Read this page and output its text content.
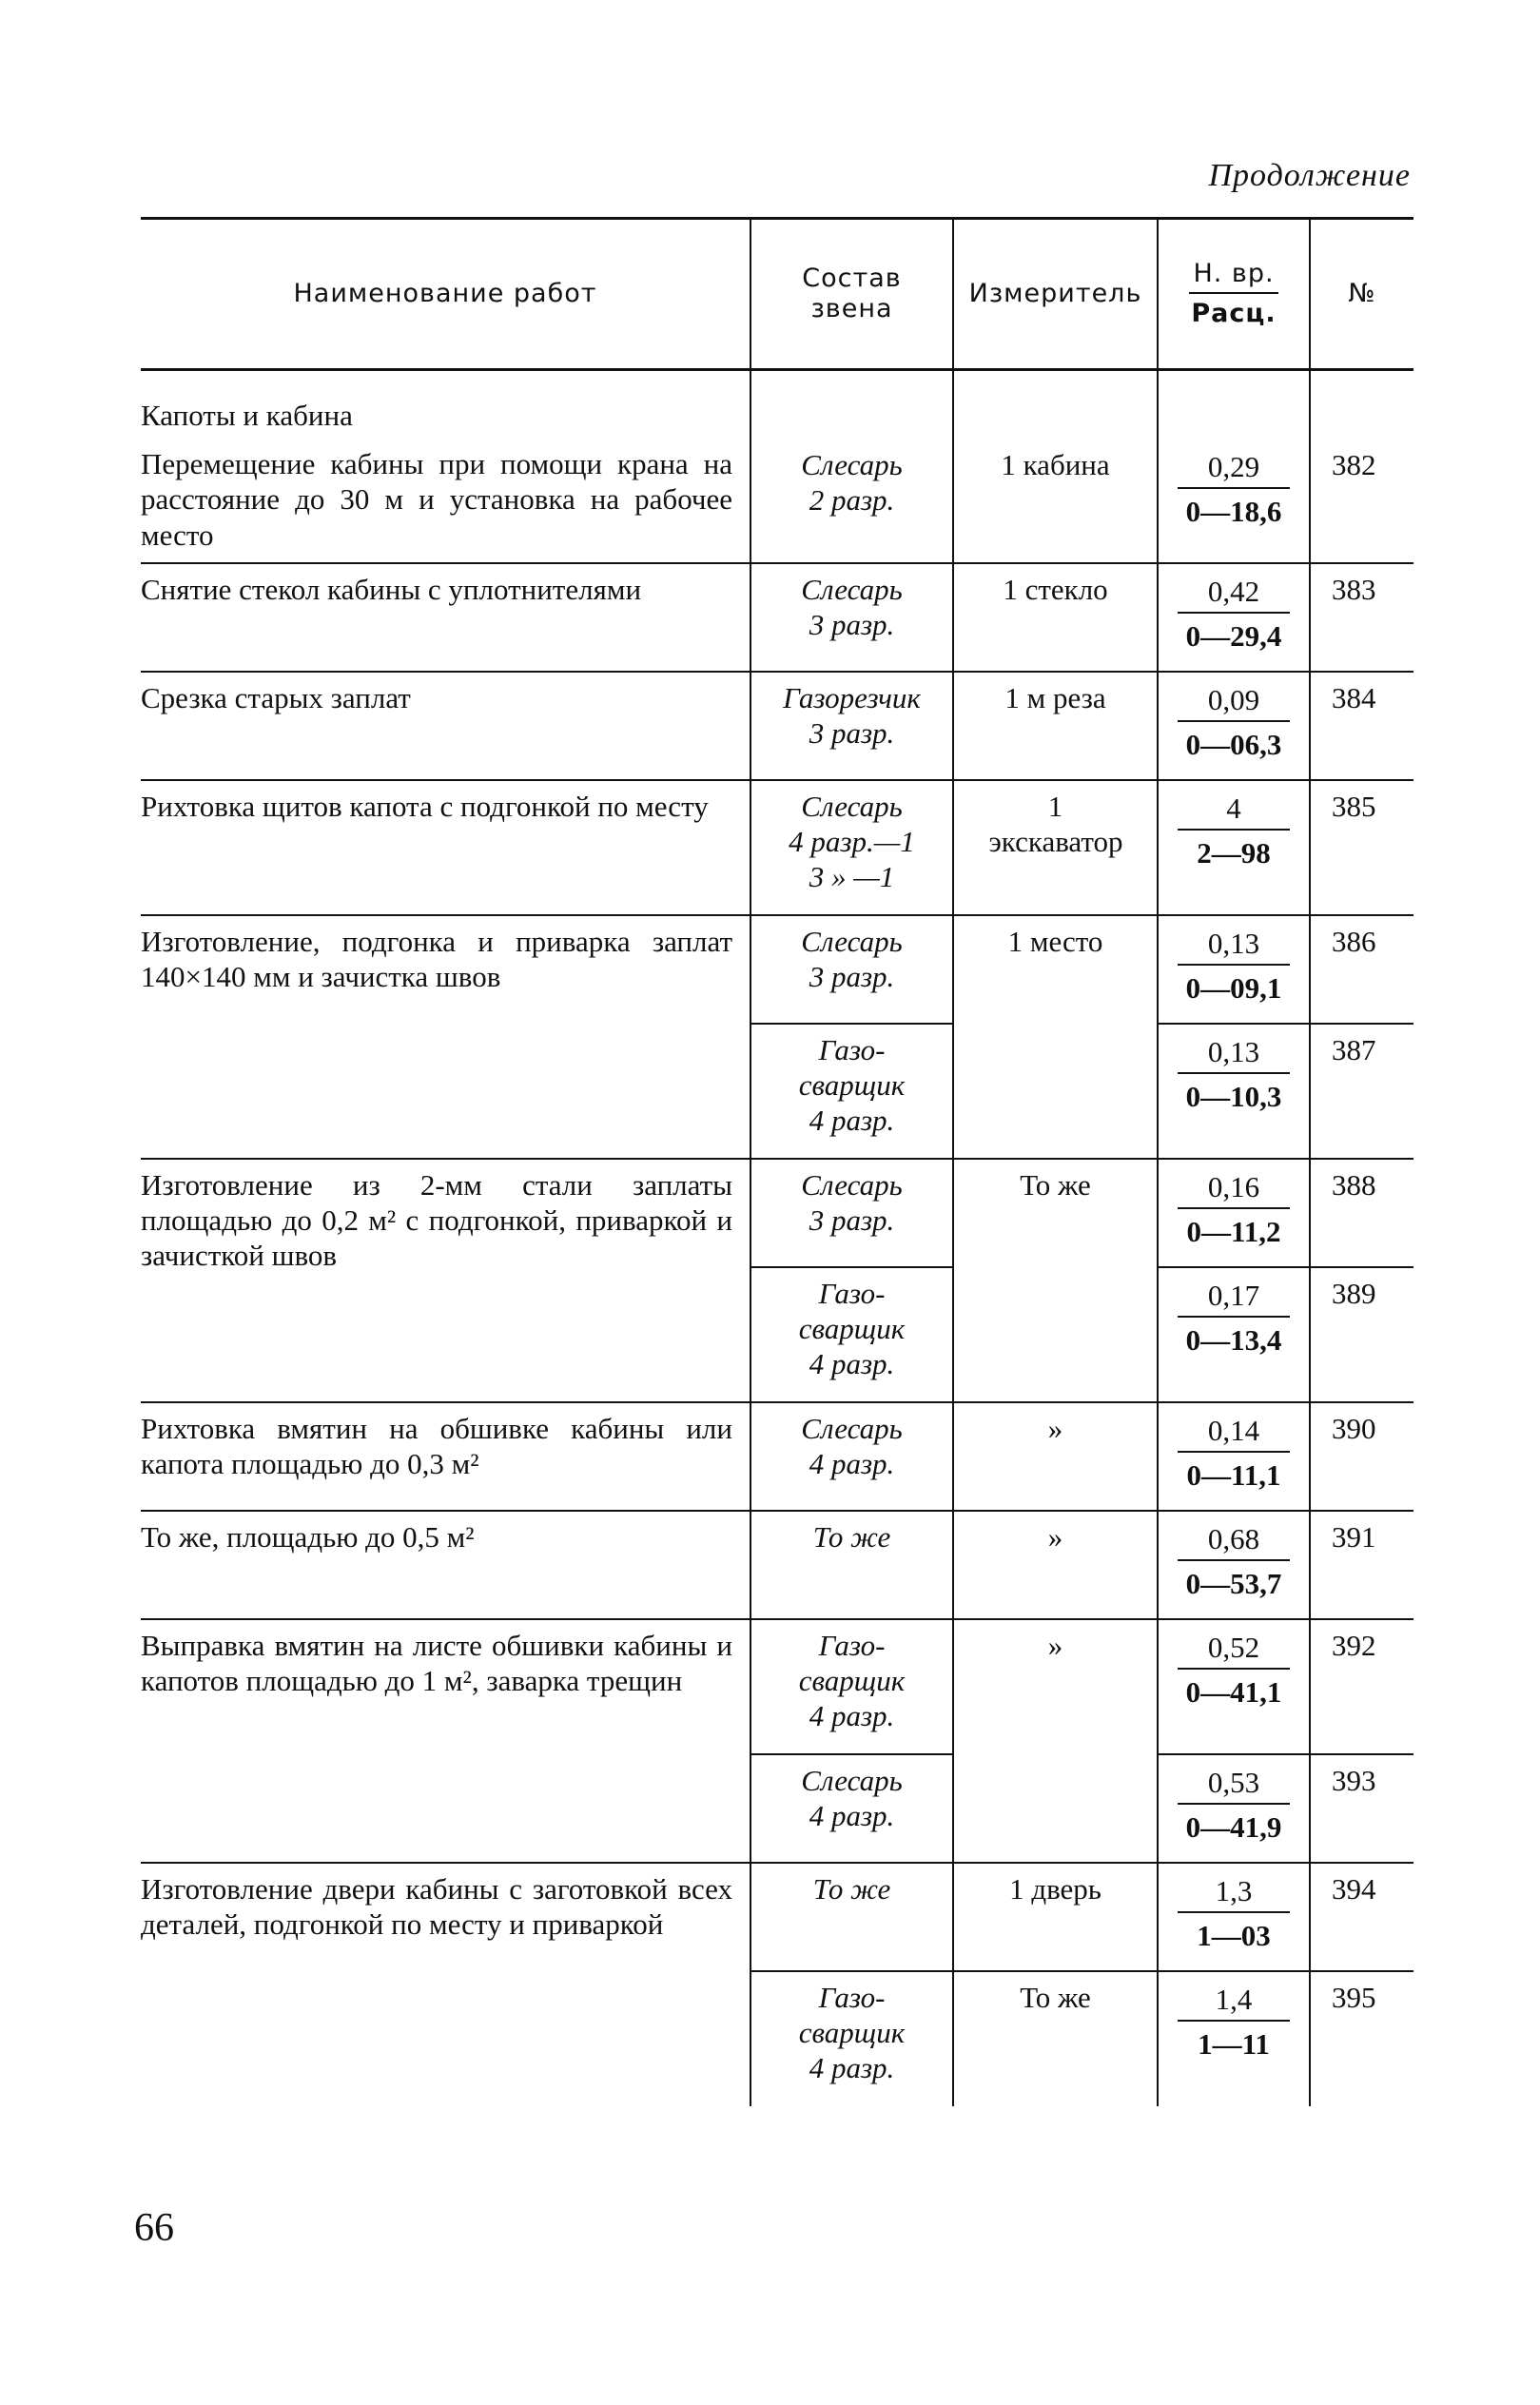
Продолжение
Наименование работ	Состав звена	Измеритель	$\frac{Н. вр.}{\text{Расц.}}$	№

Капоты и кабина
Перемещение кабины при помощи крана на расстояние до 30 м и установка на рабочее место	Слесарь
2 разр.	1 кабина	$\frac{0,29}{0—18,6}$	382
Снятие стекол кабины с уплотнителями	Слесарь
3 разр.	1 стекло	$\frac{0,42}{0—29,4}$	383
Срезка старых заплат	Газорезчик
3 разр.	1 м реза	$\frac{0,09}{0—06,3}$	384
Рихтовка щитов капота с подгонкой по месту	Слесарь
4 разр.—1
3 » —1	1 экскаватор	$\frac{4}{2—98}$	385
Изготовление, подгонка и приварка заплат 140×140 мм и зачистка швов	Слесарь
3 разр.	1 место	$\frac{0,13}{0—09,1}$	386

	Газо-
сварщик
4 разр.		$\frac{0,13}{0—10,3}$	387
Изготовление из 2-мм стали заплаты площадью до 0,2 м² с подгонкой, приваркой и зачисткой швов	Слесарь
3 разр.	То же	$\frac{0,16}{0—11,2}$	388

	Газо-
сварщик
4 разр.		$\frac{0,17}{0—13,4}$	389
Рихтовка вмятин на обшивке кабины или капота площадью до 0,3 м²	Слесарь
4 разр.	»	$\frac{0,14}{0—11,1}$	390
То же, площадью до 0,5 м²	То же	»	$\frac{0,68}{0—53,7}$	391
Выправка вмятин на листе обшивки кабины и капотов площадью до 1 м², заварка трещин	Газо-
сварщик
4 разр.	»	$\frac{0,52}{0—41,1}$	392

	Слесарь
4 разр.		$\frac{0,53}{0—41,9}$	393
Изготовление двери кабины с заготовкой всех деталей, подгонкой по месту и приваркой	То же	1 дверь	$\frac{1,3}{1—03}$	394

	Газо-
сварщик
4 разр.	То же	$\frac{1,4}{1—11}$	395
66
